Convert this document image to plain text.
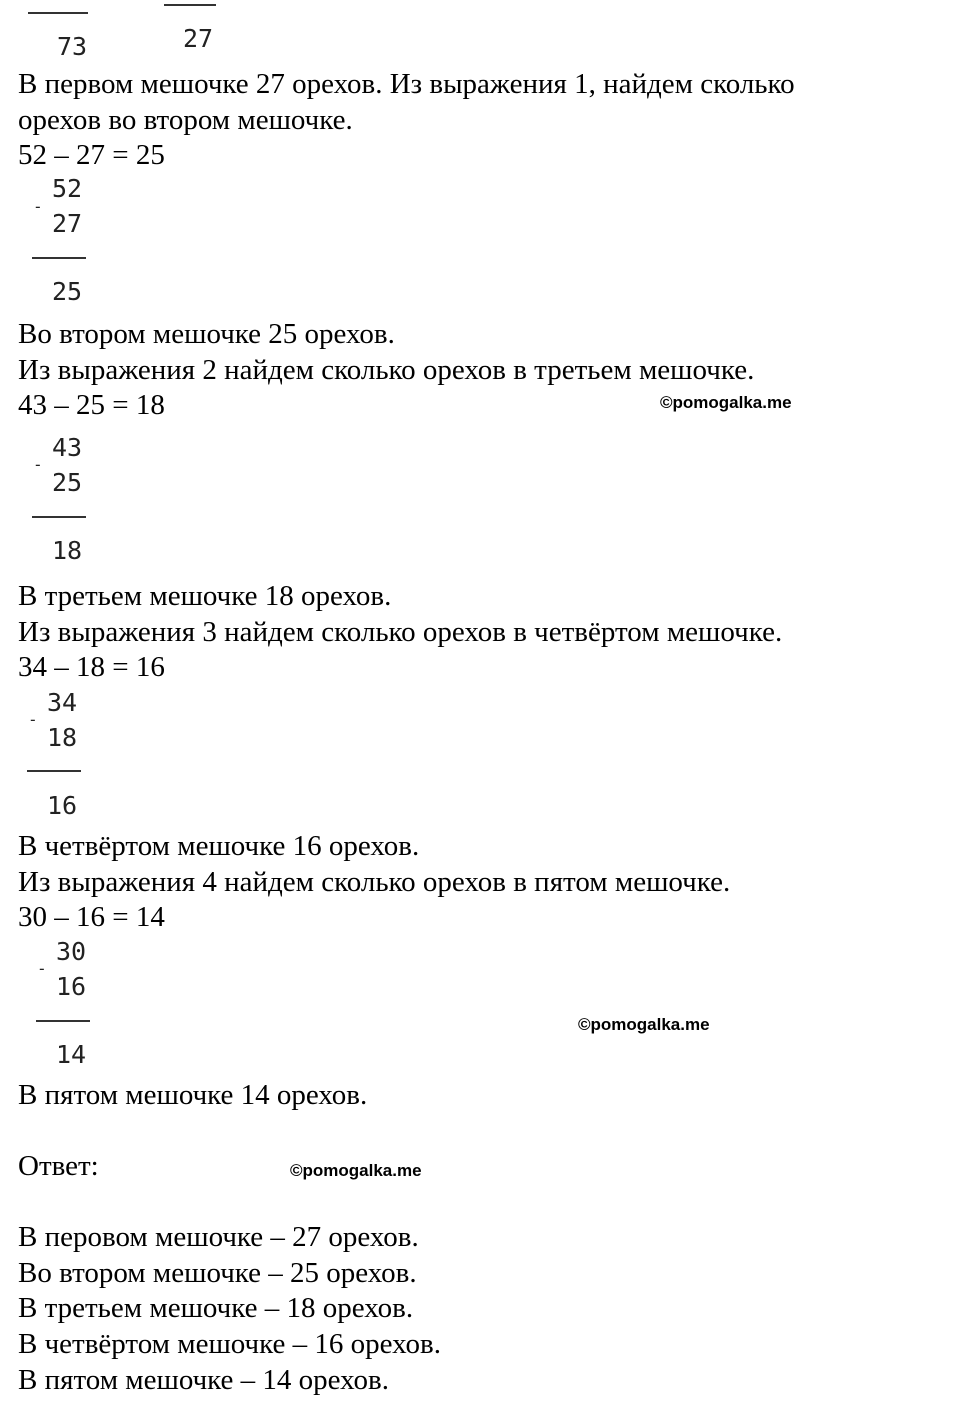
73	27
В первом мешочке 27 орехов. Из выражения 1, найдем сколько
орехов во втором мешочке.
52 – 27 = 25
-
52
27
25
Во втором мешочке 25 орехов.
Из выражения 2 найдем сколько орехов в третьем мешочке.
43 – 25 = 18	©pomogalka.me
-
43
25
18
В третьем мешочке 18 орехов.
Из выражения 3 найдем сколько орехов в четвёртом мешочке.
34 – 18 = 16
-
34
18
16
В четвёртом мешочке 16 орехов.
Из выражения 4 найдем сколько орехов в пятом мешочке.
30 – 16 = 14
-
30
16
14
©pomogalka.me
В пятом мешочке 14 орехов.
Ответ:	©pomogalka.me
В перовом мешочке – 27 орехов.
Во втором мешочке – 25 орехов.
В третьем мешочке – 18 орехов.
В четвёртом мешочке – 16 орехов.
В пятом мешочке – 14 орехов.
